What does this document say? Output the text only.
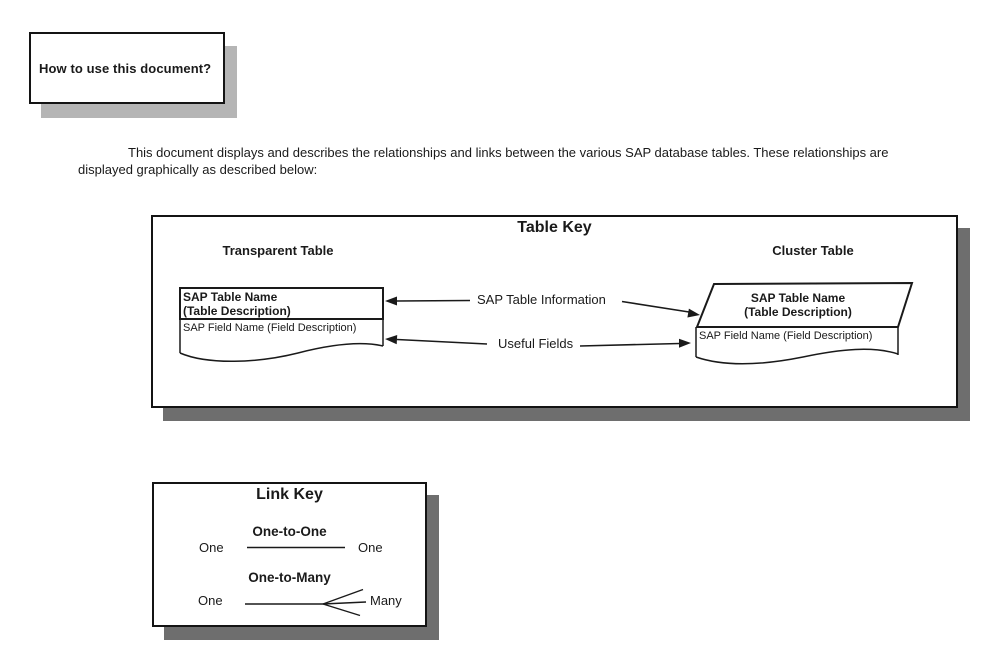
How to use this document?
This document displays and describes the relationships and links between the various SAP database tables. These relationships are
displayed graphically as described below:
Table Key
Transparent Table	Cluster Table
SAP Table Name
(Table Description)
SAP Field Name (Field Description)
SAP Table Name
(Table Description)
SAP Field Name (Field Description)
SAP Table Information
Useful Fields
Link Key
One-to-One
One-to-Many
One	One
One	Many
